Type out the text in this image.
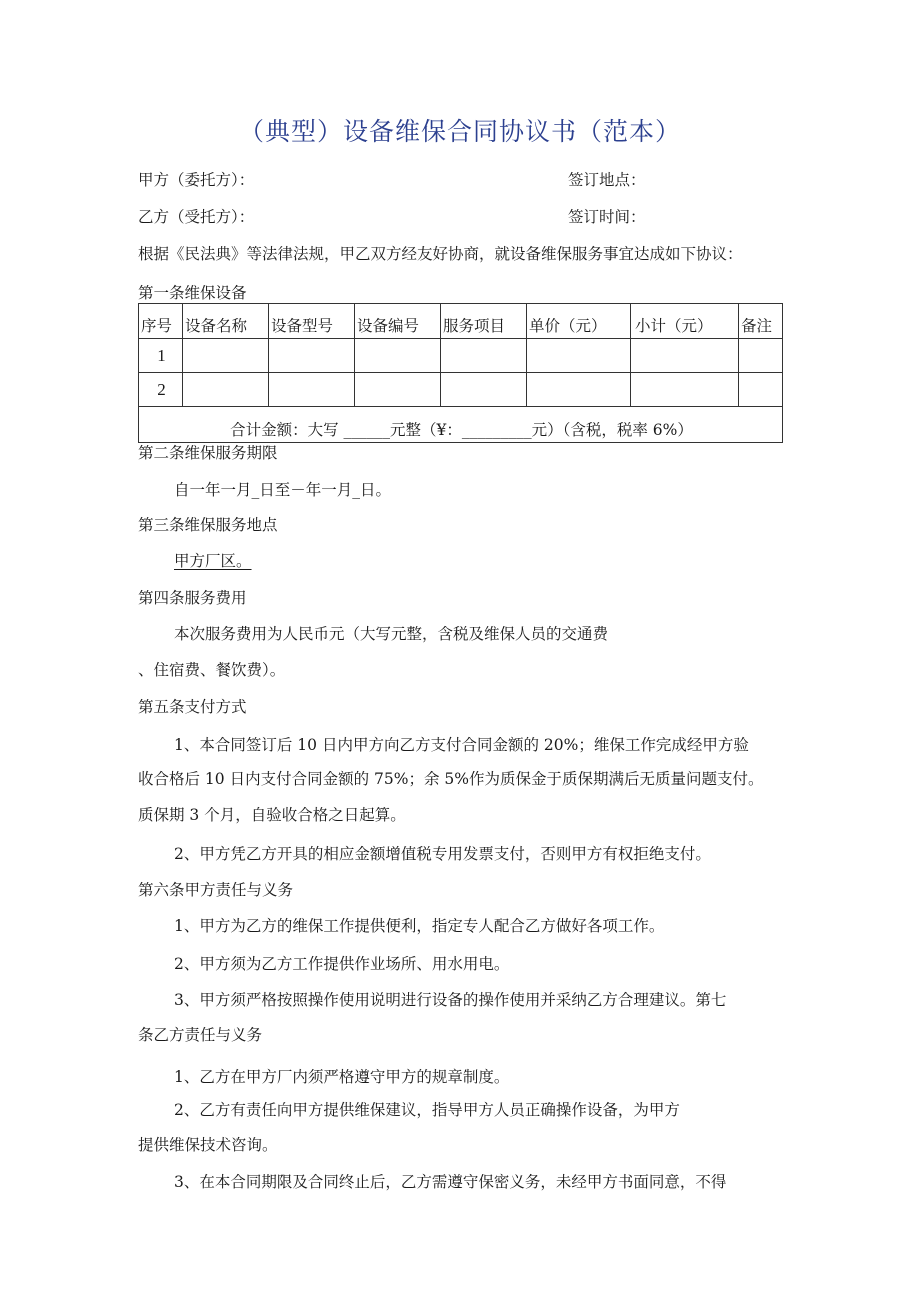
（典型）设备维保合同协议书（范本）
甲方（委托方）：	签订地点：
乙方（受托方）：	签订时间：
根据《民法典》等法律法规，甲乙双方经友好协商，就设备维保服务事宜达成如下协议：
第一条维保设备
序号	设备名称	设备型号	设备编号	服务项目	单价（元）	小计（元）	备注
1							
2							
合计金额：大写 ______元整（¥：_________元）（含税，税率 6%）							
第二条维保服务期限
自一年一月_日至－年一月_日。
第三条维保服务地点
甲方厂区。
第四条服务费用
本次服务费用为人民币元（大写元整，含税及维保人员的交通费
、住宿费、餐饮费）。
第五条支付方式
1、本合同签订后 10 日内甲方向乙方支付合同金额的 20%；维保工作完成经甲方验
收合格后 10 日内支付合同金额的 75%；余 5%作为质保金于质保期满后无质量问题支付。
质保期 3 个月，自验收合格之日起算。
2、甲方凭乙方开具的相应金额增值税专用发票支付，否则甲方有权拒绝支付。
第六条甲方责任与义务
1、甲方为乙方的维保工作提供便利，指定专人配合乙方做好各项工作。
2、甲方须为乙方工作提供作业场所、用水用电。
3、甲方须严格按照操作使用说明进行设备的操作使用并采纳乙方合理建议。第七
条乙方责任与义务
1、乙方在甲方厂内须严格遵守甲方的规章制度。
2、乙方有责任向甲方提供维保建议，指导甲方人员正确操作设备，为甲方
提供维保技术咨询。
3、在本合同期限及合同终止后，乙方需遵守保密义务，未经甲方书面同意，不得
